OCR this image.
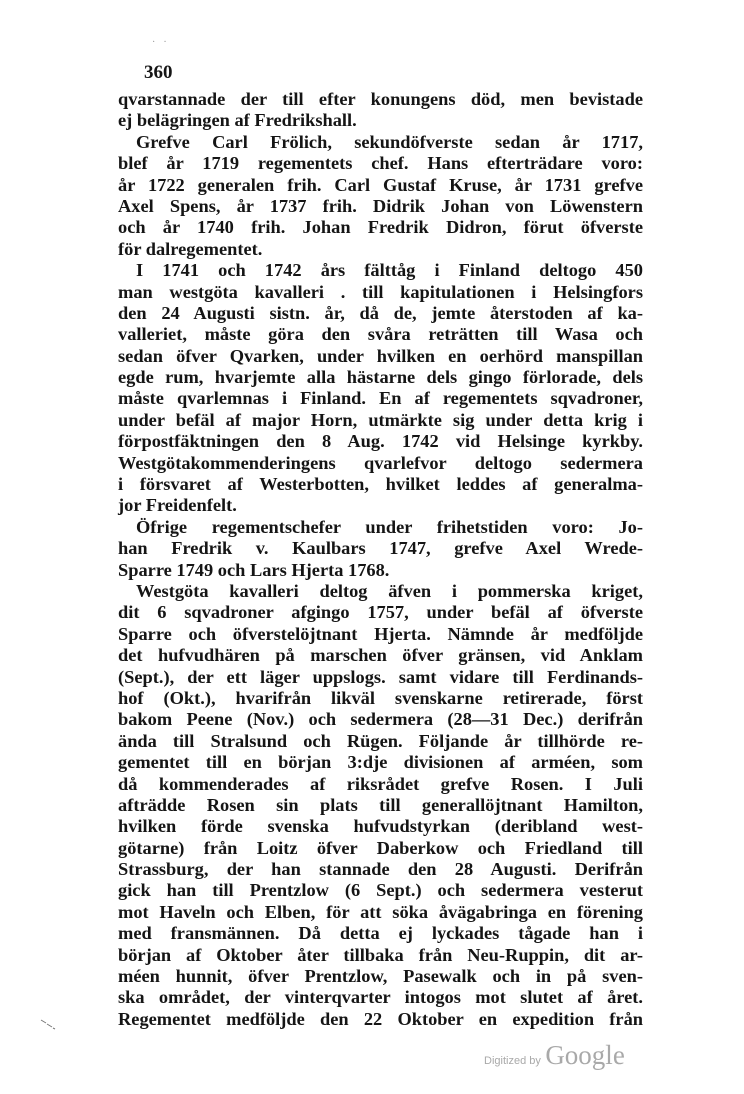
··
360
qvarstannade der till efter konungens död, men bevistade
ej belägringen af Fredrikshall.
Grefve Carl Frölich, sekundöfverste sedan år 1717,
blef år 1719 regementets chef. Hans efterträdare voro:
år 1722 generalen frih. Carl Gustaf Kruse, år 1731 grefve
Axel Spens, år 1737 frih. Didrik Johan von Löwenstern
och år 1740 frih. Johan Fredrik Didron, förut öfverste
för dalregementet.
I 1741 och 1742 års fälttåg i Finland deltogo 450
man westgöta kavalleri . till kapitulationen i Helsingfors
den 24 Augusti sistn. år, då de, jemte återstoden af ka-
valleriet, måste göra den svåra reträtten till Wasa och
sedan öfver Qvarken, under hvilken en oerhörd manspillan
egde rum, hvarjemte alla hästarne dels gingo förlorade, dels
måste qvarlemnas i Finland. En af regementets sqvadroner,
under befäl af major Horn, utmärkte sig under detta krig i
förpostfäktningen den 8 Aug. 1742 vid Helsinge kyrkby.
Westgötakommenderingens qvarlefvor deltogo sedermera
i försvaret af Westerbotten, hvilket leddes af generalma-
jor Freidenfelt.
Öfrige regementschefer under frihetstiden voro: Jo-
han Fredrik v. Kaulbars 1747, grefve Axel Wrede-
Sparre 1749 och Lars Hjerta 1768.
Westgöta kavalleri deltog äfven i pommerska kriget,
dit 6 sqvadroner afgingo 1757, under befäl af öfverste
Sparre och öfverstelöjtnant Hjerta. Nämnde år medföljde
det hufvudhären på marschen öfver gränsen, vid Anklam
(Sept.), der ett läger uppslogs. samt vidare till Ferdinands-
hof (Okt.), hvarifrån likväl svenskarne retirerade, först
bakom Peene (Nov.) och sedermera (28—31 Dec.) derifrån
ända till Stralsund och Rügen. Följande år tillhörde re-
gementet till en början 3:dje divisionen af arméen, som
då kommenderades af riksrådet grefve Rosen. I Juli
afträdde Rosen sin plats till generallöjtnant Hamilton,
hvilken förde svenska hufvudstyrkan (deribland west-
götarne) från Loitz öfver Daberkow och Friedland till
Strassburg, der han stannade den 28 Augusti. Derifrån
gick han till Prentzlow (6 Sept.) och sedermera vesterut
mot Haveln och Elben, för att söka åvägabringa en förening
med fransmännen. Då detta ej lyckades tågade han i
början af Oktober åter tillbaka från Neu-Ruppin, dit ar-
méen hunnit, öfver Prentzlow, Pasewalk och in på sven-
ska området, der vinterqvarter intogos mot slutet af året.
Regementet medföljde den 22 Oktober en expedition från
Digitized by Google
